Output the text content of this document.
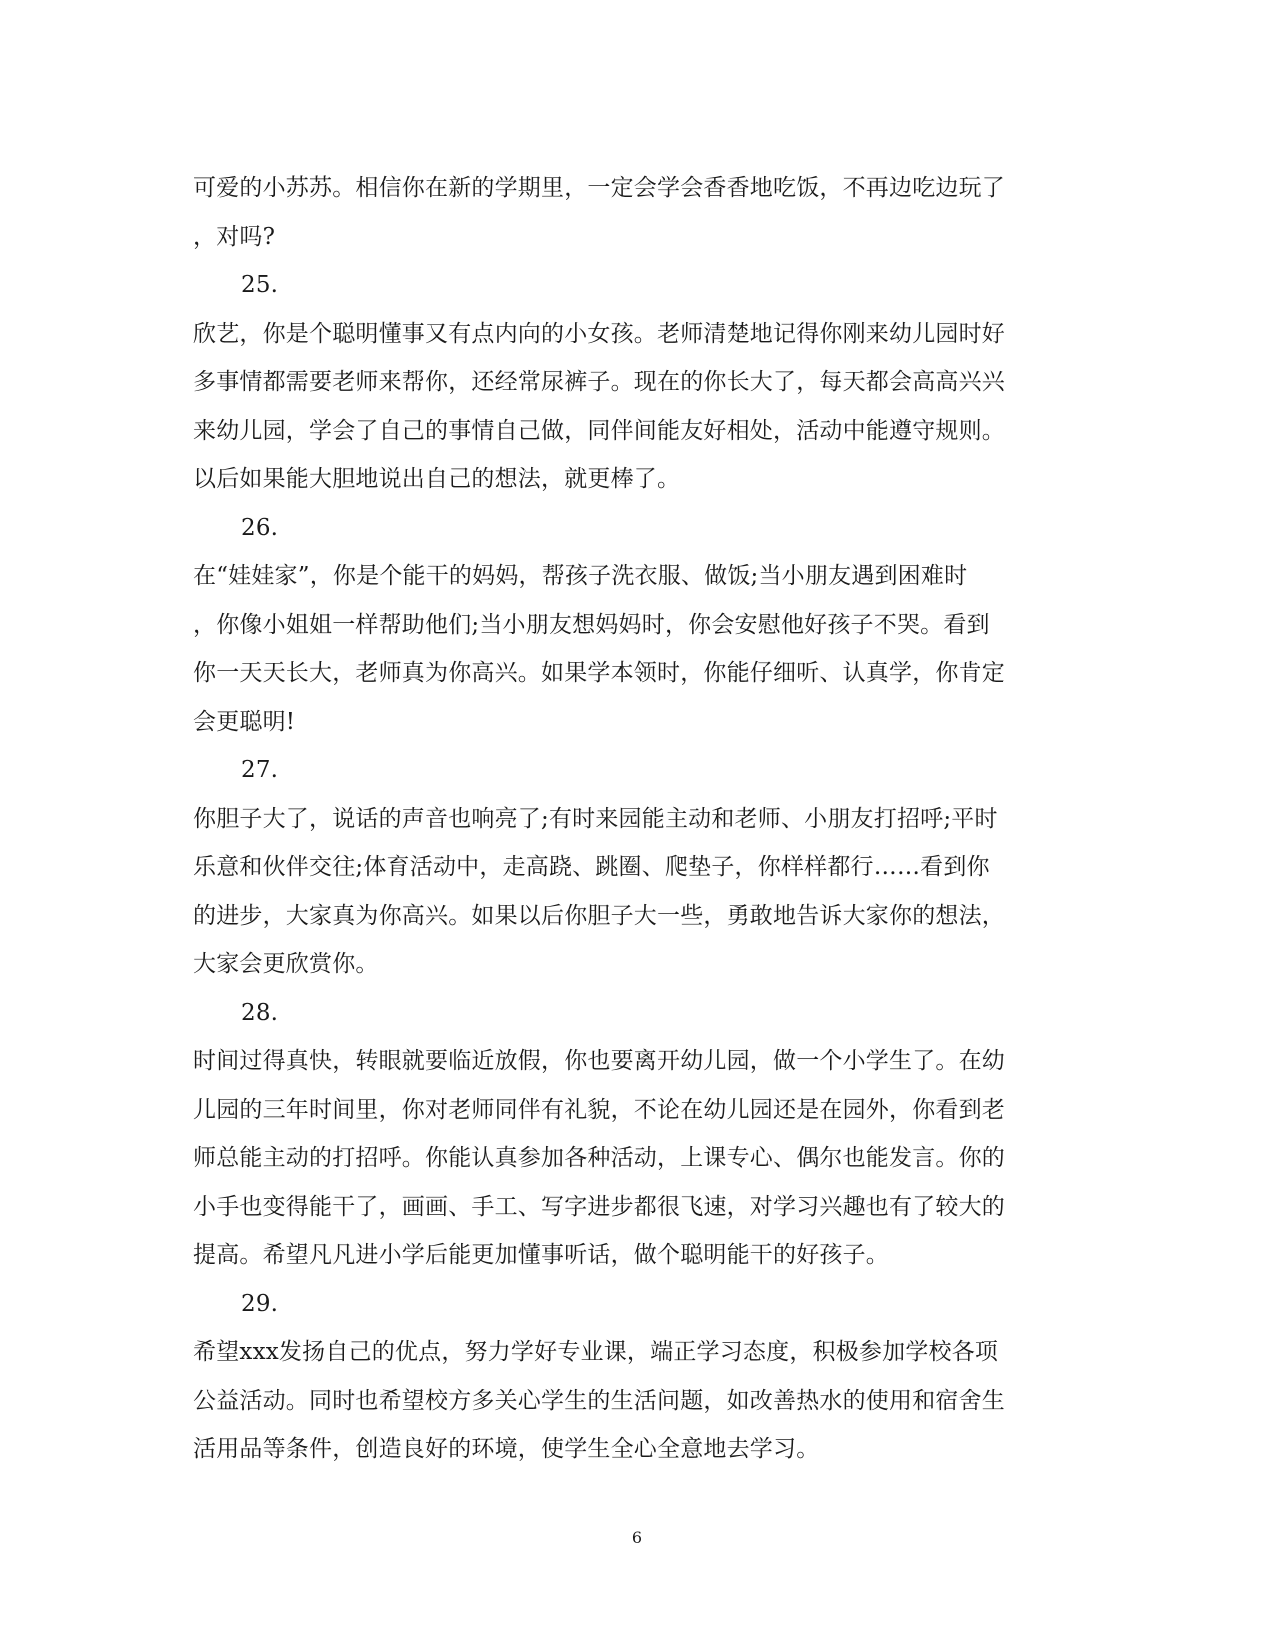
可爱的小苏苏。相信你在新的学期里，一定会学会香香地吃饭，不再边吃边玩了
，对吗?
25.
欣艺，你是个聪明懂事又有点内向的小女孩。老师清楚地记得你刚来幼儿园时好
多事情都需要老师来帮你，还经常尿裤子。现在的你长大了，每天都会高高兴兴
来幼儿园，学会了自己的事情自己做，同伴间能友好相处，活动中能遵守规则。
以后如果能大胆地说出自己的想法，就更棒了。
26.
在“娃娃家”，你是个能干的妈妈，帮孩子洗衣服、做饭;当小朋友遇到困难时
，你像小姐姐一样帮助他们;当小朋友想妈妈时，你会安慰他好孩子不哭。看到
你一天天长大，老师真为你高兴。如果学本领时，你能仔细听、认真学，你肯定
会更聪明!
27.
你胆子大了，说话的声音也响亮了;有时来园能主动和老师、小朋友打招呼;平时
乐意和伙伴交往;体育活动中，走高跷、跳圈、爬垫子，你样样都行……看到你
的进步，大家真为你高兴。如果以后你胆子大一些，勇敢地告诉大家你的想法，
大家会更欣赏你。
28.
时间过得真快，转眼就要临近放假，你也要离开幼儿园，做一个小学生了。在幼
儿园的三年时间里，你对老师同伴有礼貌，不论在幼儿园还是在园外，你看到老
师总能主动的打招呼。你能认真参加各种活动，上课专心、偶尔也能发言。你的
小手也变得能干了，画画、手工、写字进步都很飞速，对学习兴趣也有了较大的
提高。希望凡凡进小学后能更加懂事听话，做个聪明能干的好孩子。
29.
希望xxx发扬自己的优点，努力学好专业课，端正学习态度，积极参加学校各项
公益活动。同时也希望校方多关心学生的生活问题，如改善热水的使用和宿舍生
活用品等条件，创造良好的环境，使学生全心全意地去学习。
6
